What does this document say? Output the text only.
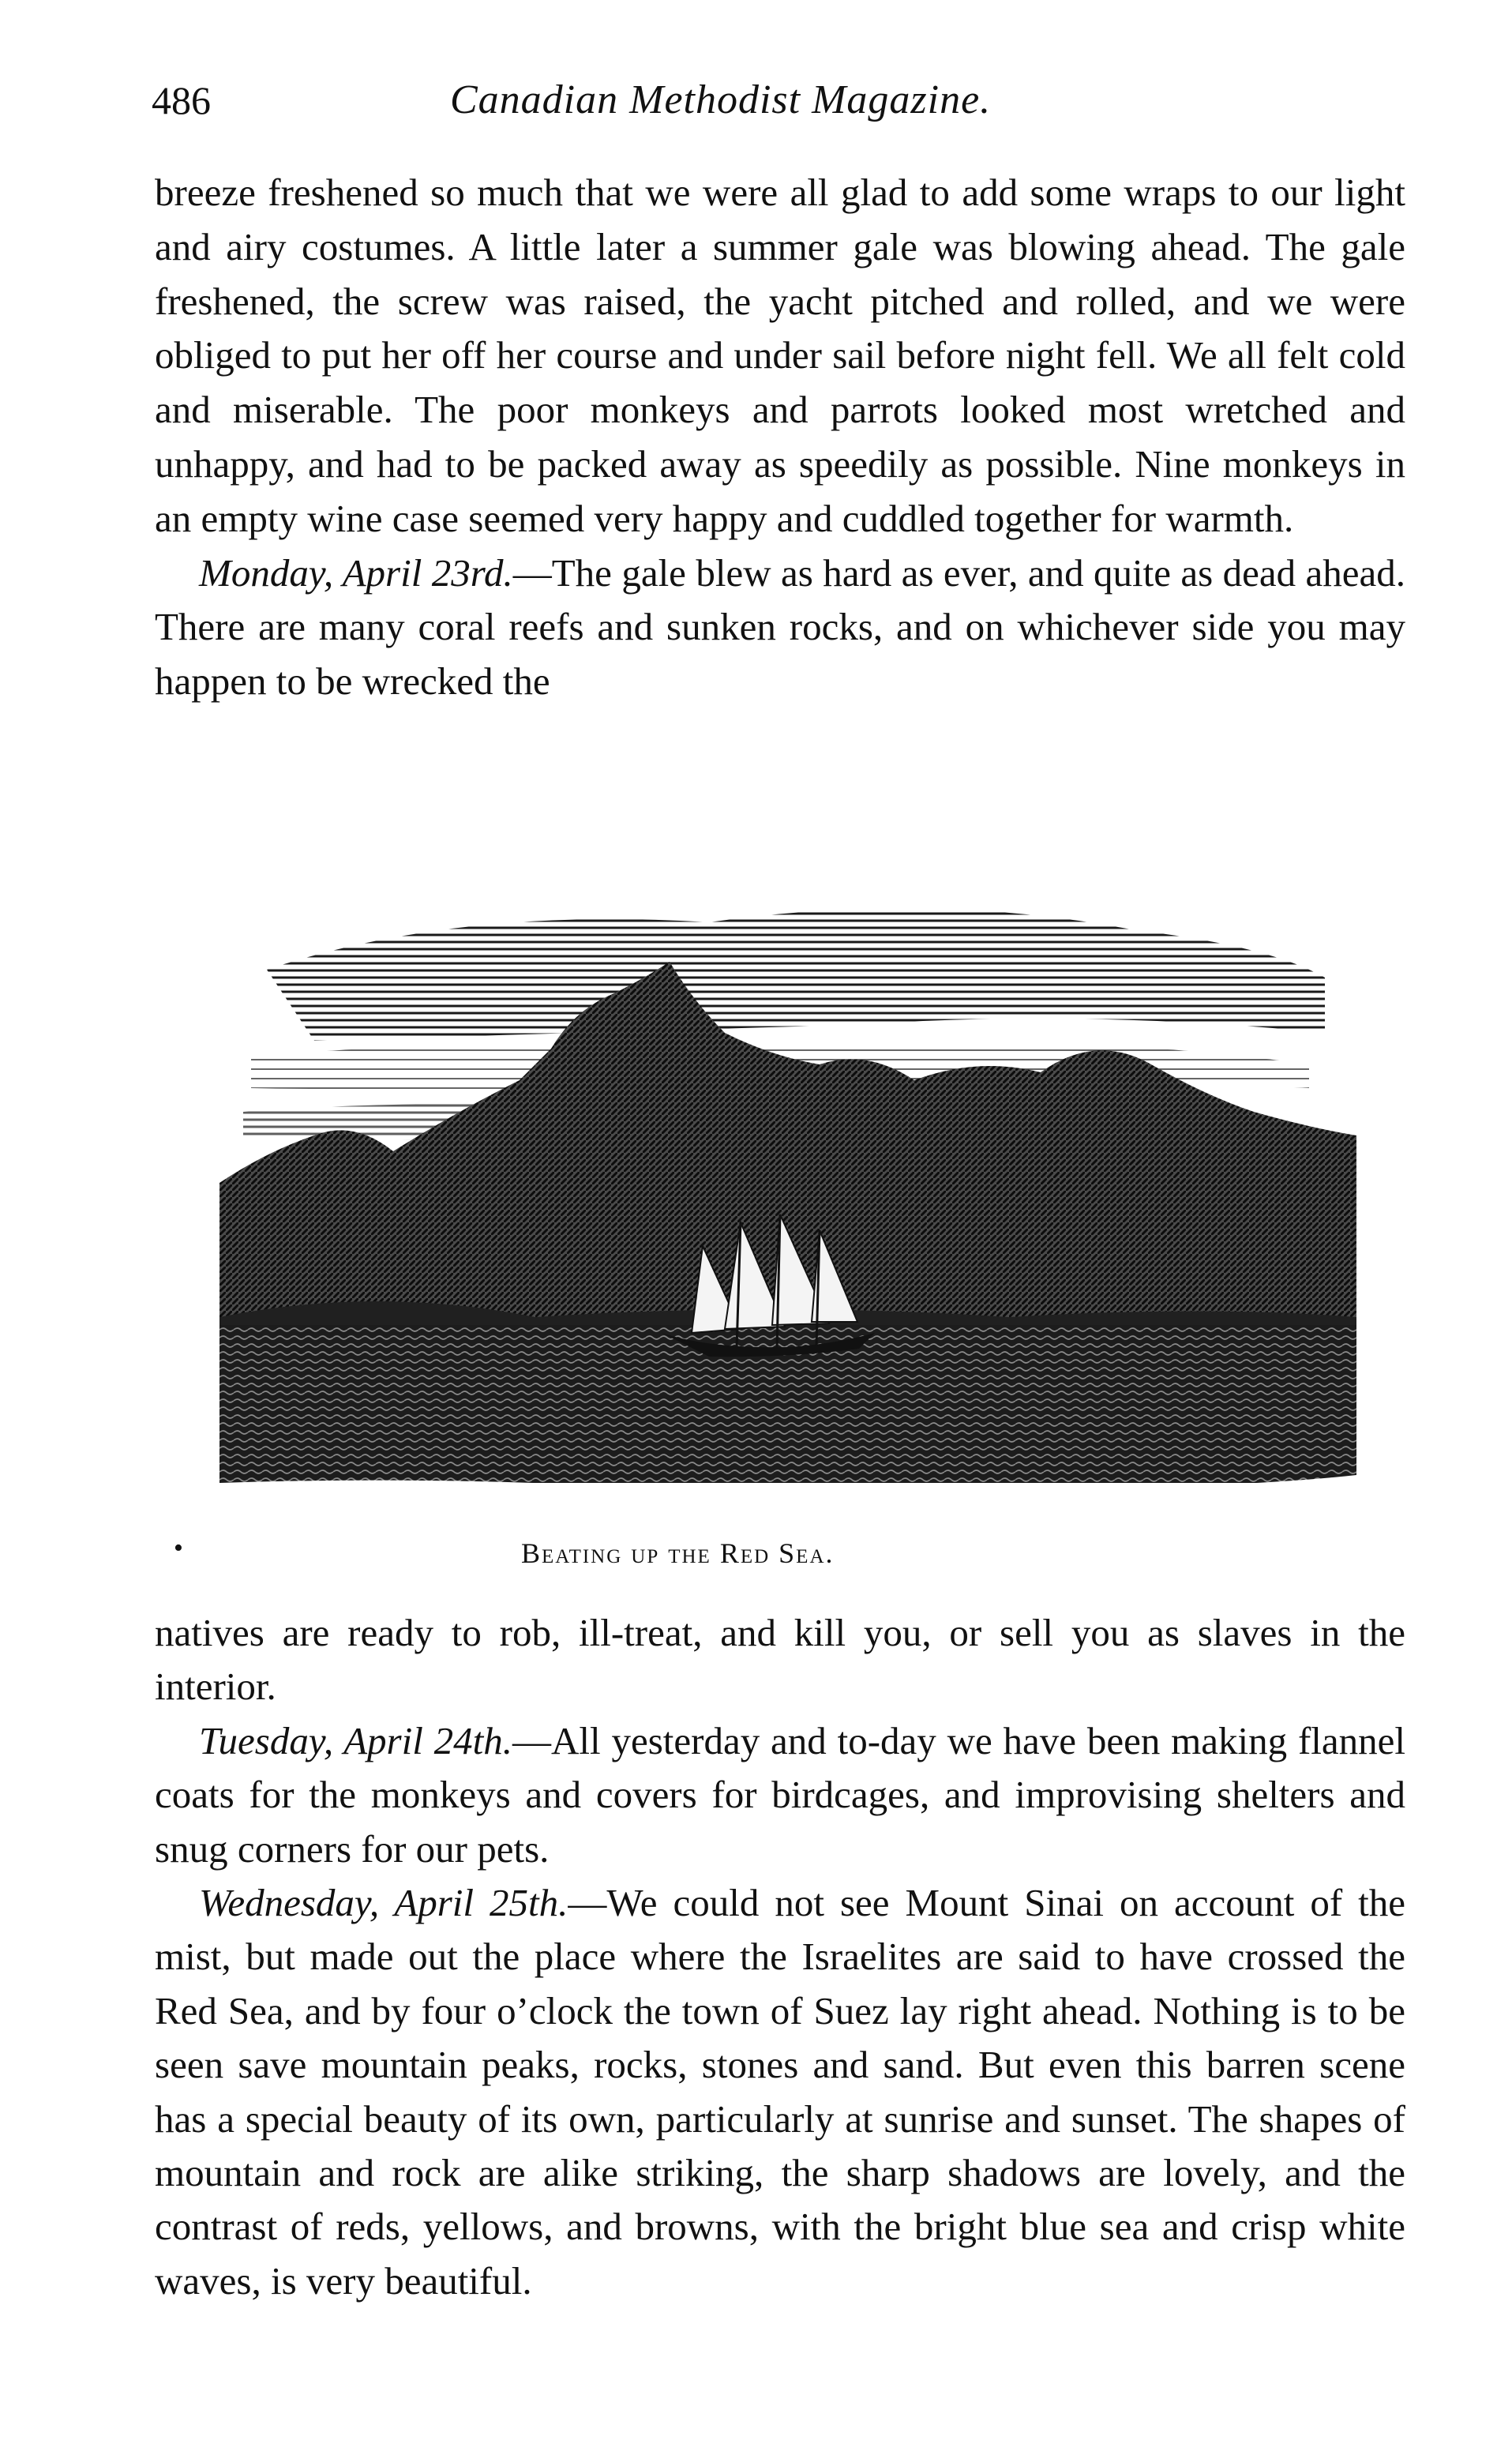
486	Canadian Methodist Magazine.

breeze freshened so much that we were all glad to add some wraps to our light and airy costumes. A little later a summer gale was blowing ahead. The gale freshened, the screw was raised, the yacht pitched and rolled, and we were obliged to put her off her course and under sail before night fell. We all felt cold and miserable. The poor monkeys and parrots looked most wretched and unhappy, and had to be packed away as speedily as possible. Nine monkeys in an empty wine case seemed very happy and cuddled together for warmth.

Monday, April 23rd.—The gale blew as hard as ever, and quite as dead ahead. There are many coral reefs and sunken rocks, and on whichever side you may happen to be wrecked the

•	Beating up the Red Sea.

natives are ready to rob, ill-treat, and kill you, or sell you as slaves in the interior.

Tuesday, April 24th.—All yesterday and to-day we have been making flannel coats for the monkeys and covers for birdcages, and improvising shelters and snug corners for our pets.

Wednesday, April 25th.—We could not see Mount Sinai on account of the mist, but made out the place where the Israelites are said to have crossed the Red Sea, and by four o’clock the town of Suez lay right ahead. Nothing is to be seen save mountain peaks, rocks, stones and sand. But even this barren scene has a special beauty of its own, particularly at sunrise and sunset. The shapes of mountain and rock are alike striking, the sharp shadows are lovely, and the contrast of reds, yellows, and browns, with the bright blue sea and crisp white waves, is very beautiful.
